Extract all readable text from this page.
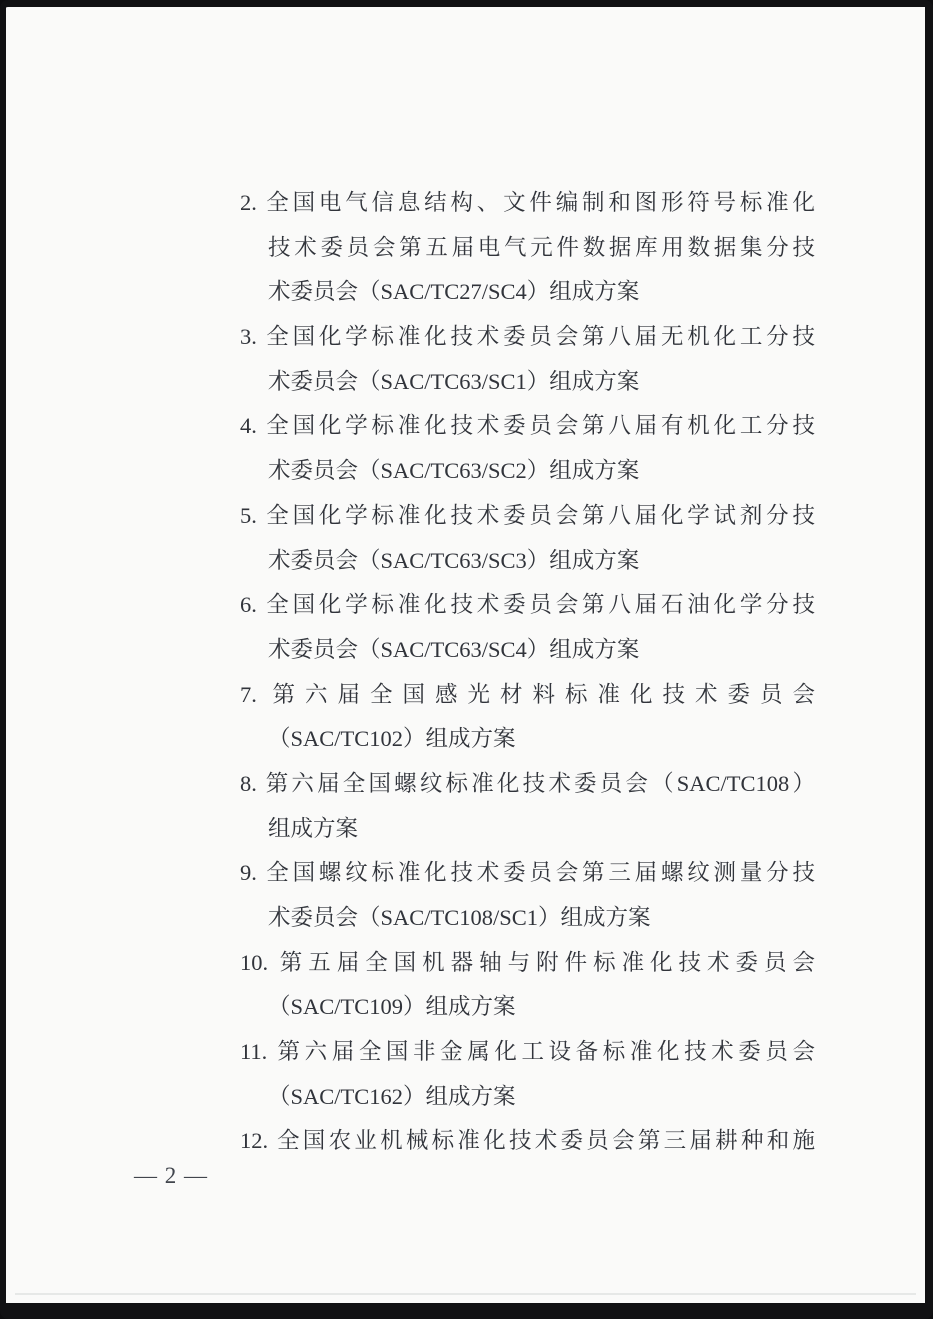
2. 全国电气信息结构、文件编制和图形符号标准化
技术委员会第五届电气元件数据库用数据集分技
术委员会（SAC/TC27/SC4）组成方案
3. 全国化学标准化技术委员会第八届无机化工分技
术委员会（SAC/TC63/SC1）组成方案
4. 全国化学标准化技术委员会第八届有机化工分技
术委员会（SAC/TC63/SC2）组成方案
5. 全国化学标准化技术委员会第八届化学试剂分技
术委员会（SAC/TC63/SC3）组成方案
6. 全国化学标准化技术委员会第八届石油化学分技
术委员会（SAC/TC63/SC4）组成方案
7. 第六届全国感光材料标准化技术委员会
（SAC/TC102）组成方案
8. 第六届全国螺纹标准化技术委员会（SAC/TC108）
组成方案
9. 全国螺纹标准化技术委员会第三届螺纹测量分技
术委员会（SAC/TC108/SC1）组成方案
10. 第五届全国机器轴与附件标准化技术委员会
（SAC/TC109）组成方案
11. 第六届全国非金属化工设备标准化技术委员会
（SAC/TC162）组成方案
12. 全国农业机械标准化技术委员会第三届耕种和施
— 2 —
